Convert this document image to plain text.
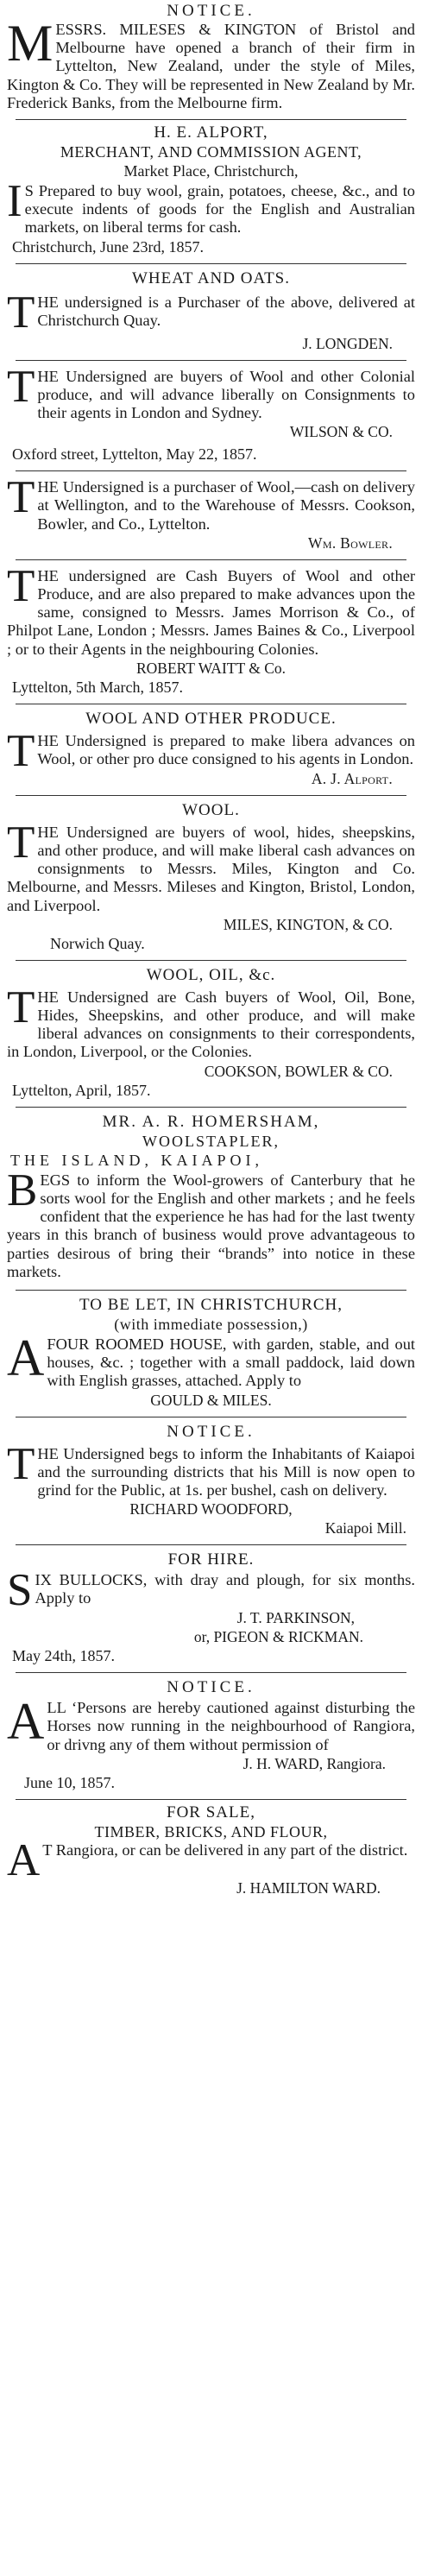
NOTICE.

MESSRS. MILESES & KINGTON of Bristol and Melbourne have opened a branch of their firm in Lyttelton, New Zealand, under the style of Miles, Kington & Co. They will be represented in New Zealand by Mr. Frederick Banks, from the Melbourne firm.

H. E. ALPORT,
MERCHANT, AND COMMISSION AGENT,
Market Place, Christchurch,

I S Prepared to buy wool, grain, potatoes, cheese, &c., and to execute indents of goods for the English and Australian markets, on liberal terms for cash.

Christchurch, June 23rd, 1857.
WHEAT AND OATS.

THE undersigned is a Purchaser of the above, delivered at Christchurch Quay.

J. LONGDEN.

THE Undersigned are buyers of Wool and other Colonial produce, and will advance liberally on Consignments to their agents in London and Sydney.

WILSON & CO.
Oxford street, Lyttelton, May 22, 1857.

THE Undersigned is a purchaser of Wool,—cash on delivery at Wellington, and to the Warehouse of Messrs. Cookson, Bowler, and Co., Lyttelton.

Wm. Bowler.

THE undersigned are Cash Buyers of Wool and other Produce, and are also prepared to make advances upon the same, consigned to Messrs. James Morrison & Co., of Philpot Lane, London ; Messrs. James Baines & Co., Liverpool ; or to their Agents in the neighbouring Colonies.

ROBERT WAITT & Co.
Lyttelton, 5th March, 1857.
WOOL AND OTHER PRODUCE.

THE Undersigned is prepared to make libera advances on Wool, or other pro duce consigned to his agents in London.

A. J. Alport.
WOOL.

THE Undersigned are buyers of wool, hides, sheepskins, and other produce, and will make liberal cash advances on consignments to Messrs. Miles, Kington and Co. Melbourne, and Messrs. Mileses and Kington, Bristol, London, and Liverpool.

MILES, KINGTON, & CO.
Norwich Quay.
WOOL, OIL, &c.

THE Undersigned are Cash buyers of Wool, Oil, Bone, Hides, Sheepskins, and other produce, and will make liberal advances on consignments to their correspondents, in London, Liverpool, or the Colonies.

COOKSON, BOWLER & CO.
Lyttelton, April, 1857.
MR. A. R. HOMERSHAM,
WOOLSTAPLER,
THE ISLAND, KAIAPOI,

BEGS to inform the Wool-growers of Canterbury that he sorts wool for the English and other markets ; and he feels confident that the experience he has had for the last twenty years in this branch of business would prove advantageous to parties desirous of bring their “brands” into notice in these markets.

TO BE LET, IN CHRISTCHURCH,
(with immediate possession,)

AFOUR ROOMED HOUSE, with garden, stable, and out houses, &c. ; together with a small paddock, laid down with English grasses, attached. Apply to

GOULD & MILES.
NOTICE.

THE Undersigned begs to inform the Inhabitants of Kaiapoi and the surrounding districts that his Mill is now open to grind for the Public, at 1s. per bushel, cash on delivery.

RICHARD WOODFORD,
Kaiapoi Mill.
FOR HIRE.

SIX BULLOCKS, with dray and plough, for six months. Apply to

J. T. PARKINSON,
or, PIGEON & RICKMAN.
May 24th, 1857.
NOTICE.

ALL ‘Persons are hereby cautioned against disturbing the Horses now running in the neighbourhood of Rangiora, or drivng any of them without permission of

J. H. WARD, Rangiora.
June 10, 1857.
FOR SALE,
TIMBER, BRICKS, AND FLOUR,

A T Rangiora, or can be delivered in any part of the district.

J. HAMILTON WARD.
